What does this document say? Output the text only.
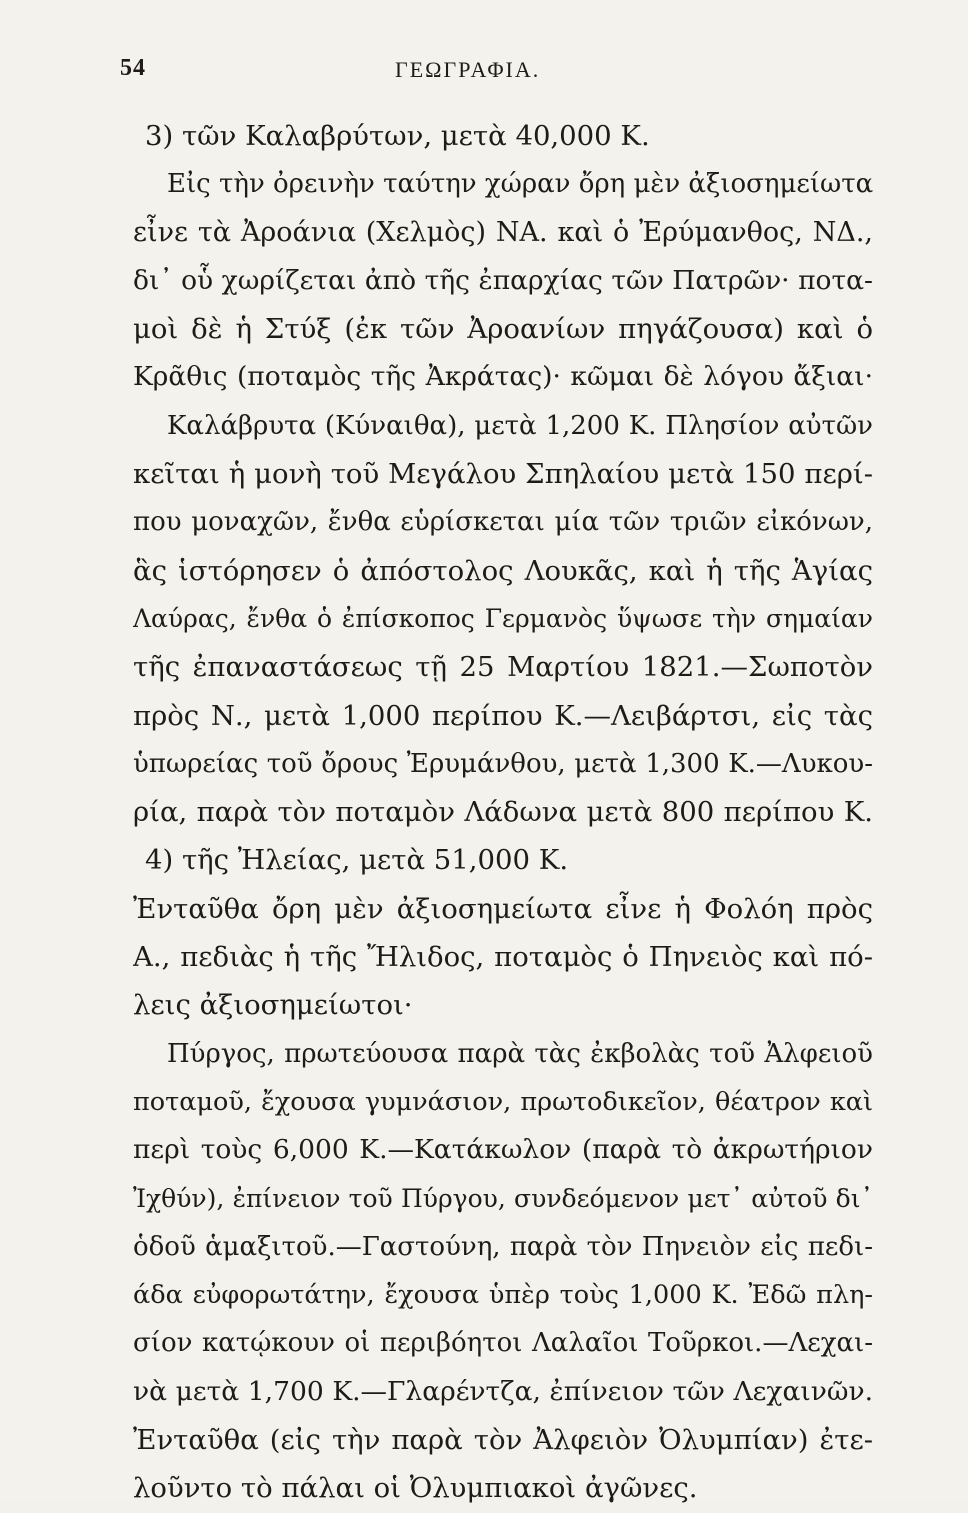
54	ΓΕΩΓΡΑΦΙΑ.
3) τῶν Καλαβρύτων, μετὰ 40,000 Κ.
Εἰς τὴν ὀρεινὴν ταύτην χώραν ὄρη μὲν ἀξιοσημείωτα
εἶνε τὰ Ἀροάνια (Χελμὸς) ΝΑ. καὶ ὁ Ἐρύμανθος, ΝΔ.,
δι᾽ οὗ χωρίζεται ἀπὸ τῆς ἐπαρχίας τῶν Πατρῶν· ποτα-
μοὶ δὲ ἡ Στύξ (ἐκ τῶν Ἀροανίων πηγάζουσα) καὶ ὁ
Κρᾶθις (ποταμὸς τῆς Ἀκράτας)· κῶμαι δὲ λόγου ἄξιαι·
Καλάβρυτα (Κύναιθα), μετὰ 1,200 Κ. Πλησίον αὐτῶν
κεῖται ἡ μονὴ τοῦ Μεγάλου Σπηλαίου μετὰ 150 περί-
που μοναχῶν, ἔνθα εὑρίσκεται μία τῶν τριῶν εἰκόνων,
ἃς ἱστόρησεν ὁ ἀπόστολος Λουκᾶς, καὶ ἡ τῆς Ἁγίας
Λαύρας, ἔνθα ὁ ἐπίσκοπος Γερμανὸς ὕψωσε τὴν σημαίαν
τῆς ἐπαναστάσεως τῇ 25 Μαρτίου 1821.—Σωποτὸν
πρὸς Ν., μετὰ 1,000 περίπου Κ.—Λειβάρτσι, εἰς τὰς
ὑπωρείας τοῦ ὄρους Ἐρυμάνθου, μετὰ 1,300 Κ.—Λυκου-
ρία, παρὰ τὸν ποταμὸν Λάδωνα μετὰ 800 περίπου Κ.
4) τῆς Ἠλείας, μετὰ 51,000 Κ.
Ἐνταῦθα ὄρη μὲν ἀξιοσημείωτα εἶνε ἡ Φολόη πρὸς
Α., πεδιὰς ἡ τῆς Ἤλιδος, ποταμὸς ὁ Πηνειὸς καὶ πό-
λεις ἀξιοσημείωτοι·
Πύργος, πρωτεύουσα παρὰ τὰς ἐκβολὰς τοῦ Ἀλφειοῦ
ποταμοῦ, ἔχουσα γυμνάσιον, πρωτοδικεῖον, θέατρον καὶ
περὶ τοὺς 6,000 Κ.—Κατάκωλον (παρὰ τὸ ἀκρωτήριον
Ἰχθύν), ἐπίνειον τοῦ Πύργου, συνδεόμενον μετ᾽ αὐτοῦ δι᾽
ὁδοῦ ἁμαξιτοῦ.—Γαστούνη, παρὰ τὸν Πηνειὸν εἰς πεδι-
άδα εὐφορωτάτην, ἔχουσα ὑπὲρ τοὺς 1,000 Κ. Ἐδῶ πλη-
σίον κατῴκουν οἱ περιβόητοι Λαλαῖοι Τοῦρκοι.—Λεχαι-
νὰ μετὰ 1,700 Κ.—Γλαρέντζα, ἐπίνειον τῶν Λεχαινῶν.
Ἐνταῦθα (εἰς τὴν παρὰ τὸν Ἀλφειὸν Ὀλυμπίαν) ἐτε-
λοῦντο τὸ πάλαι οἱ Ὀλυμπιακοὶ ἀγῶνες.
